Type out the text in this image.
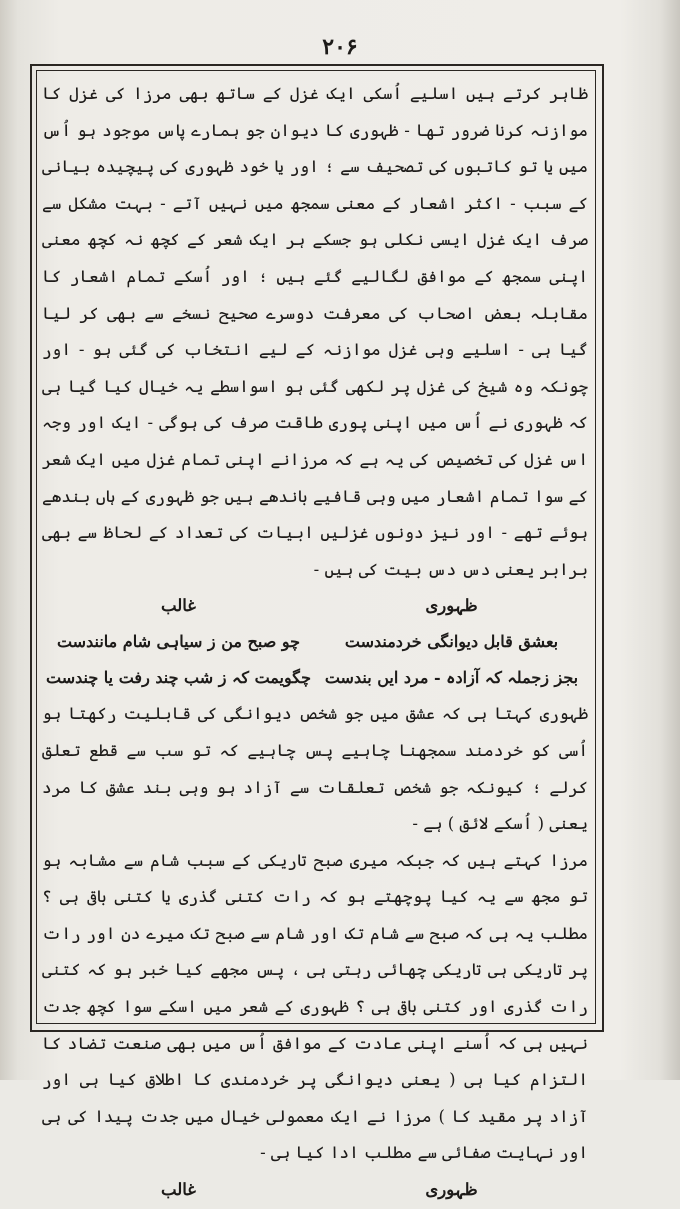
۲۰۶

ظاہر کرتے ہیں اسلیے اُسکی ایک غزل کے ساتھ بھی مرزا کی غزل کا موازنہ کرنا ضرور تھا - ظہوری کا دیوان جو ہمارے پاس موجود ہو اُس میں یا تو کاتبوں کی تصحیف سے ؛ اور یا خود ظہوری کی پیچیدہ بیانی کے سبب - اکثر اشعار کے معنی سمجھ میں نہیں آتے - بہت مشکل سے صرف ایک غزل ایسی نکلی ہو جسکے ہر ایک شعر کے کچھ نہ کچھ معنی اپنی سمجھ کے موافق لگالیے گئے ہیں ؛ اور اُسکے تمام اشعار کا مقابلہ بعض اصحاب کی معرفت دوسرے صحیح نسخے سے بھی کر لیا گیا ہی - اسلیے وہی غزل موازنہ کے لیے انتخاب کی گئی ہو - اور چونکہ وہ شیخ کی غزل پر لکھی گئی ہو اسواسطے یہ خیال کیا گیا ہی کہ ظہوری نے اُس میں اپنی پوری طاقت صرف کی ہوگی - ایک اور وجہ اس غزل کی تخصیص کی یہ ہے کہ مرزانے اپنی تمام غزل میں ایک شعر کے سوا تمام اشعار میں وہی قافیے باندھے ہیں جو ظہوری کے ہاں بندھے ہوئے تھے - اور نیز دونوں غزلیں ابیات کی تعداد کے لحاظ سے بھی برابر یعنی دس دس بیت کی ہیں -

ظہوری
غالب
بعشق قابل دیوانگی خردمندست
چو صبح من ز سیاہی شام مانندست
بجز زجملہ کہ آزادہ - مرد ایں بندست
چگویمت کہ ز شب چند رفت یا چندست

ظہوری کہتا ہی کہ عشق میں جو شخص دیوانگی کی قابلیت رکھتا ہو اُسی کو خردمند سمجھنا چاہیے پس چاہیے کہ تو سب سے قطع تعلق کرلے ؛ کیونکہ جو شخص تعلقات سے آزاد ہو وہی بند عشق کا مرد یعنی ( اُسکے لائق ) ہے -

مرزا کہتے ہیں کہ جبکہ میری صبح تاریکی کے سبب شام سے مشابہ ہو تو مجھ سے یہ کیا پوچھتے ہو کہ رات کتنی گذری یا کتنی باقی ہی ؟ مطلب یہ ہی کہ صبح سے شام تک اور شام سے صبح تک میرے دن اور رات پر تاریکی ہی تاریکی چھائی رہتی ہی ، پس مجھے کیا خبر ہو کہ کتنی رات گذری اور کتنی باقی ہی ؟ ظہوری کے شعر میں اسکے سوا کچھ جدت نہیں ہی کہ اُسنے اپنی عادت کے موافق اُس میں بھی صنعت تضاد کا التزام کیا ہی ( یعنی دیوانگی پر خردمندی کا اطلاق کیا ہی اور آزاد پر مقید کا ) مرزا نے ایک معمولی خیال میں جدت پیدا کی ہی اور نہایت صفائی سے مطلب ادا کیا ہی -

ظہوری
غالب
